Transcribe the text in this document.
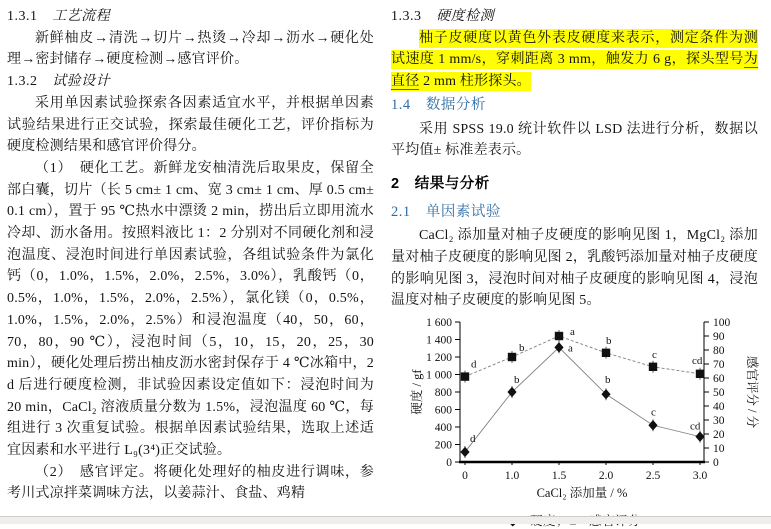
1.3.1 工艺流程

新鲜柚皮→清洗→切片→热烫→冷却→沥水→硬化处理→密封储存→硬度检测→感官评价。

1.3.2 试验设计

采用单因素试验探索各因素适宜水平，并根据单因素试验结果进行正交试验，探索最佳硬化工艺，评价指标为硬度检测结果和感官评价得分。

（1）　硬化工艺。新鲜龙安柚清洗后取果皮，保留全部白囊，切片（长 5 cm± 1 cm、宽 3 cm± 1 cm、厚 0.5 cm± 0.1 cm），置于 95 ℃热水中漂烫 2 min，捞出后立即用流水冷却、沥水备用。按照料液比 1：2 分别对不同硬化剂和浸泡温度、浸泡时间进行单因素试验，各组试验条件为氯化钙（0，1.0%，1.5%，2.0%，2.5%，3.0%），乳酸钙（0，0.5%，1.0%，1.5%，2.0%，2.5%），氯化镁（0，0.5%，1.0%，1.5%，2.0%，2.5%）和浸泡温度（40，50，60，70，80，90 ℃），浸泡时间（5，10，15，20，25，30 min），硬化处理后捞出柚皮沥水密封保存于 4 ℃冰箱中，2 d 后进行硬度检测，非试验因素设定值如下：浸泡时间为 20 min，CaCl₂ 溶液质量分数为 1.5%，浸泡温度 60 ℃，每组进行 3 次重复试验。根据单因素试验结果，选取上述适宜因素和水平进行 L₉(3⁴)正交试验。

（2）　感官评定。将硬化处理好的柚皮进行调味，参考川式凉拌菜调味方法，以姜蒜汁、食盐、鸡精

1.3.3 硬度检测

柚子皮硬度以黄色外表皮硬度来表示，测定条件为测试速度 1 mm/s，穿刺距离 3 mm，触发力 6 g，探头型号为直径 2 mm 柱形探头。

1.4 数据分析

采用 SPSS 19.0 统计软件以 LSD 法进行分析，数据以平均值± 标准差表示。

2 结果与分析
2.1 单因素试验

CaCl₂ 添加量对柚子皮硬度的影响见图 1，MgCl₂ 添加量对柚子皮硬度的影响见图 2，乳酸钙添加量对柚子皮硬度的影响见图 3，浸泡时间对柚子皮硬度的影响见图 4，浸泡温度对柚子皮硬度的影响见图 5。

0
200
400
600
800
1 000
1 200
1 400
1 600
0
10
20
30
40
50
60
70
80
90
100
0	1.0	1.5	2.0	2.5	3.0
硬度 / gf	感官评分 / 分
CaCl₂ 添加量 / %
d
b
a
b
c
cd
d
b
a
b
c	cd
